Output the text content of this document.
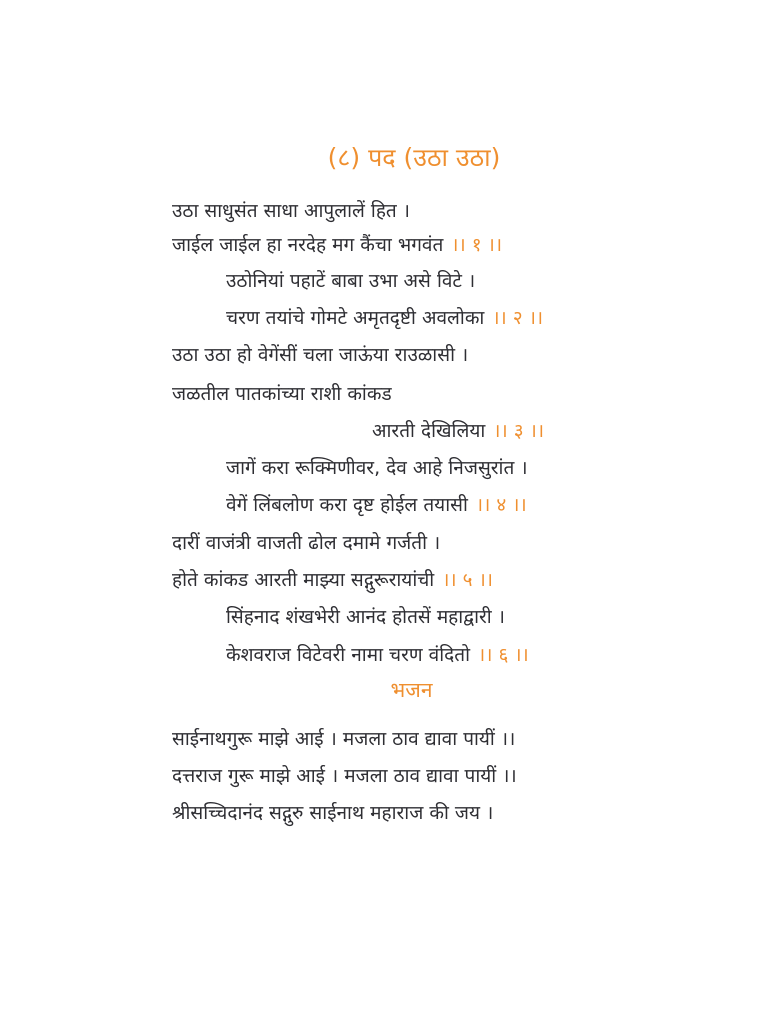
(८) पद (उठा उठा)
उठा साधुसंत साधा आपुलालें हित ।
जाईल जाईल हा नरदेह मग कैंचा भगवंत ।। १ ।।
उठोनियां पहाटें बाबा उभा असे विटे ।
चरण तयांचे गोमटे अमृतदृष्टी अवलोका ।। २ ।।
उठा उठा हो वेगेंसीं चला जाऊंया राउळासी ।
जळतील पातकांच्या राशी कांकड
आरती देखिलिया ।। ३ ।।
जागें करा रूक्मिणीवर, देव आहे निजसुरांत ।
वेगें लिंबलोण करा दृष्ट होईल तयासी ।। ४ ।।
दारीं वाजंत्री वाजती ढोल दमामे गर्जती ।
होते कांकड आरती माझ्या सद्गुरूरायांची ।। ५ ।।
सिंहनाद शंखभेरी आनंद होतसें महाद्वारी ।
केशवराज विटेवरी नामा चरण वंदितो ।। ६ ।।
भजन
साईनाथगुरू माझे आई । मजला ठाव द्यावा पायीं ।।
दत्तराज गुरू माझे आई । मजला ठाव द्यावा पायीं ।।
श्रीसच्चिदानंद सद्गुरु साईनाथ महाराज की जय ।
